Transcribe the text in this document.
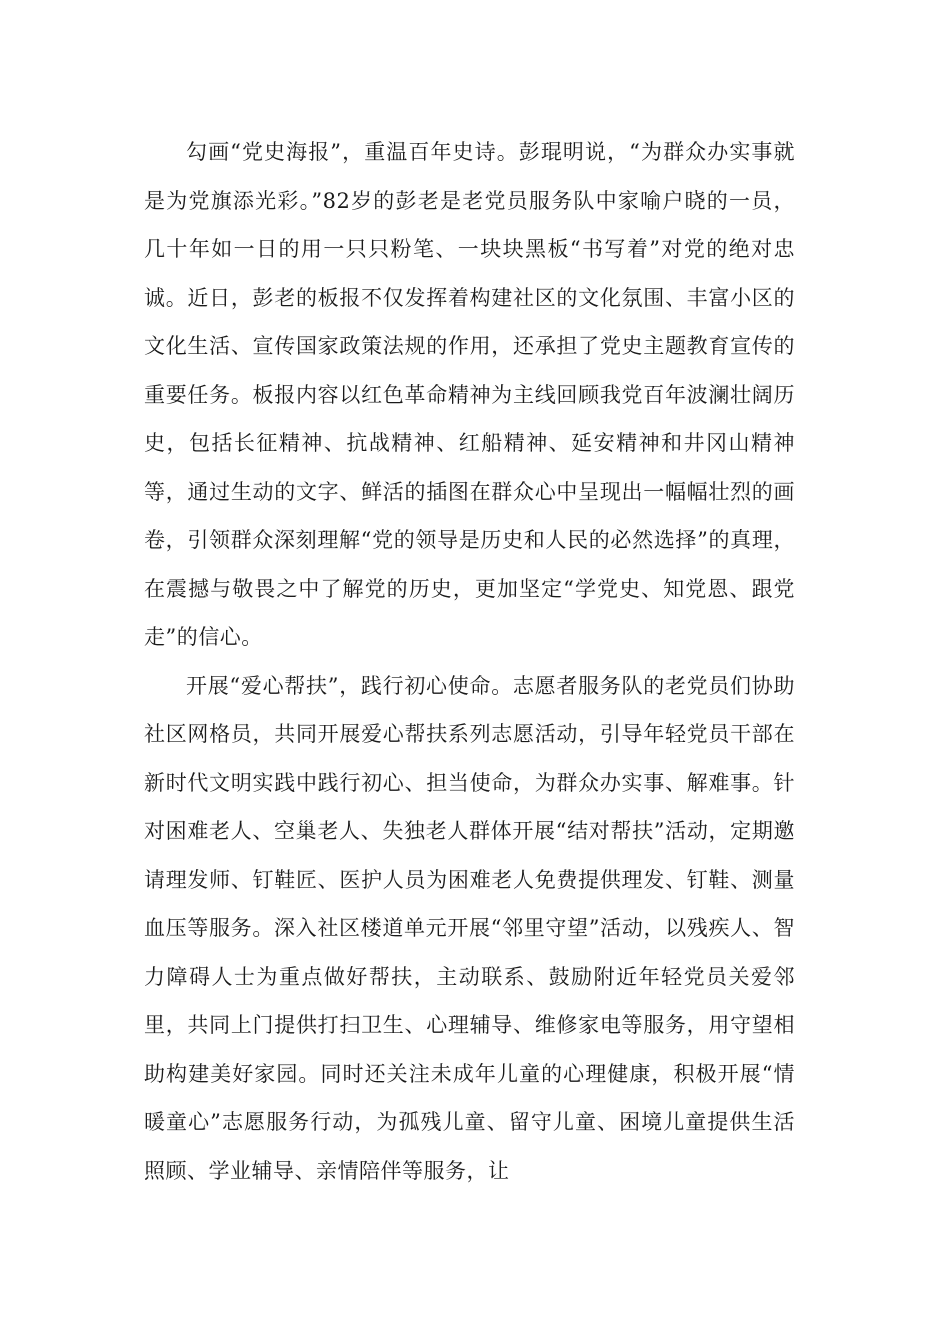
勾画“党史海报”，重温百年史诗。彭琨明说，“为群众办实事就是为党旗添光彩。”82岁的彭老是老党员服务队中家喻户晓的一员，几十年如一日的用一只只粉笔、一块块黑板“书写着”对党的绝对忠诚。近日，彭老的板报不仅发挥着构建社区的文化氛围、丰富小区的文化生活、宣传国家政策法规的作用，还承担了党史主题教育宣传的重要任务。板报内容以红色革命精神为主线回顾我党百年波澜壮阔历史，包括长征精神、抗战精神、红船精神、延安精神和井冈山精神等，通过生动的文字、鲜活的插图在群众心中呈现出一幅幅壮烈的画卷，引领群众深刻理解“党的领导是历史和人民的必然选择”的真理，在震撼与敬畏之中了解党的历史，更加坚定“学党史、知党恩、跟党走”的信心。

开展“爱心帮扶”，践行初心使命。志愿者服务队的老党员们协助社区网格员，共同开展爱心帮扶系列志愿活动，引导年轻党员干部在新时代文明实践中践行初心、担当使命，为群众办实事、解难事。针对困难老人、空巢老人、失独老人群体开展“结对帮扶”活动，定期邀请理发师、钉鞋匠、医护人员为困难老人免费提供理发、钉鞋、测量血压等服务。深入社区楼道单元开展“邻里守望”活动，以残疾人、智力障碍人士为重点做好帮扶，主动联系、鼓励附近年轻党员关爱邻里，共同上门提供打扫卫生、心理辅导、维修家电等服务，用守望相助构建美好家园。同时还关注未成年儿童的心理健康，积极开展“情暖童心”志愿服务行动，为孤残儿童、留守儿童、困境儿童提供生活照顾、学业辅导、亲情陪伴等服务，让
